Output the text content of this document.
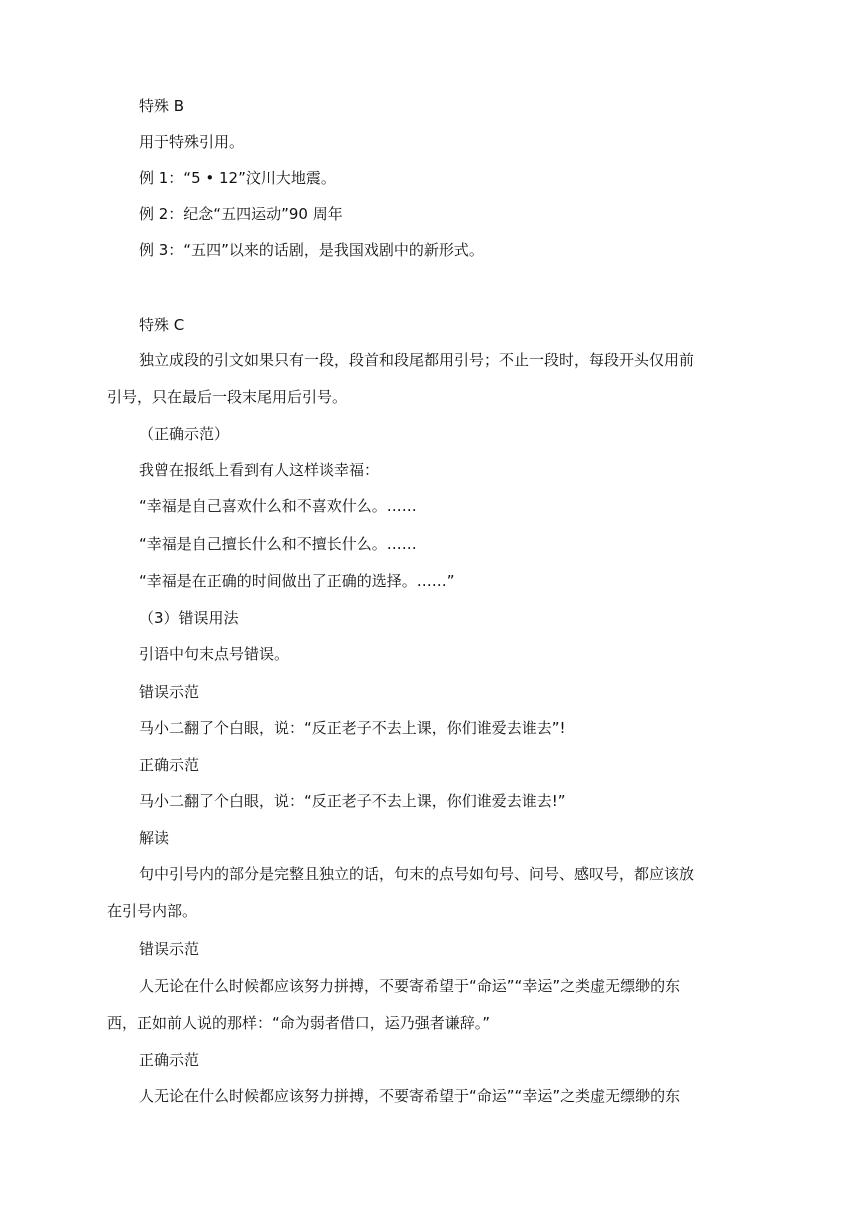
特殊 B
用于特殊引用。
例 1：“5 • 12”汶川大地震。
例 2：纪念“五四运动”90 周年
例 3：“五四”以来的话剧，是我国戏剧中的新形式。
特殊 C
独立成段的引文如果只有一段，段首和段尾都用引号；不止一段时，每段开头仅用前
引号，只在最后一段末尾用后引号。
（正确示范）
我曾在报纸上看到有人这样谈幸福：
“幸福是自己喜欢什么和不喜欢什么。……
“幸福是自己擅长什么和不擅长什么。……
“幸福是在正确的时间做出了正确的选择。……”
（3）错误用法
引语中句末点号错误。
错误示范
马小二翻了个白眼，说：“反正老子不去上课，你们谁爱去谁去”!
正确示范
马小二翻了个白眼，说：“反正老子不去上课，你们谁爱去谁去!”
解读
句中引号内的部分是完整且独立的话，句末的点号如句号、问号、感叹号，都应该放
在引号内部。
错误示范
人无论在什么时候都应该努力拼搏，不要寄希望于“命运”“幸运”之类虚无缥缈的东
西，正如前人说的那样：“命为弱者借口，运乃强者谦辞。”
正确示范
人无论在什么时候都应该努力拼搏，不要寄希望于“命运”“幸运”之类虚无缥缈的东
